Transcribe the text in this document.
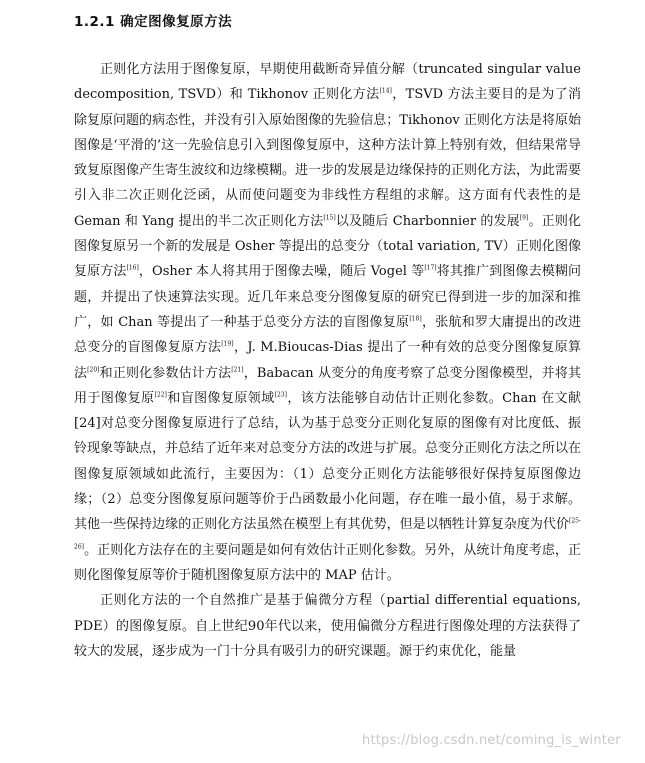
1.2.1 确定图像复原方法

正则化方法用于图像复原，早期使用截断奇异值分解（truncated singular value decomposition, TSVD）和 Tikhonov 正则化方法[14]，TSVD 方法主要目的是为了消除复原问题的病态性，并没有引入原始图像的先验信息；Tikhonov 正则化方法是将原始图像是‘平滑的’这一先验信息引入到图像复原中，这种方法计算上特别有效，但结果常导致复原图像产生寄生波纹和边缘模糊。进一步的发展是边缘保持的正则化方法，为此需要引入非二次正则化泛函，从而使问题变为非线性方程组的求解。这方面有代表性的是 Geman 和 Yang 提出的半二次正则化方法[15]以及随后 Charbonnier 的发展[9]。正则化图像复原另一个新的发展是 Osher 等提出的总变分（total variation, TV）正则化图像复原方法[16]，Osher 本人将其用于图像去噪，随后 Vogel 等[17]将其推广到图像去模糊问题，并提出了快速算法实现。近几年来总变分图像复原的研究已得到进一步的加深和推广，如 Chan 等提出了一种基于总变分方法的盲图像复原[18]，张航和罗大庸提出的改进总变分的盲图像复原方法[19]，J. M.Bioucas-Dias 提出了一种有效的总变分图像复原算法[20]和正则化参数估计方法[21]，Babacan 从变分的角度考察了总变分图像模型，并将其用于图像复原[22]和盲图像复原领域[23]，该方法能够自动估计正则化参数。Chan 在文献[24]对总变分图像复原进行了总结，认为基于总变分正则化复原的图像有对比度低、振铃现象等缺点，并总结了近年来对总变分方法的改进与扩展。总变分正则化方法之所以在图像复原领域如此流行，主要因为：（1）总变分正则化方法能够很好保持复原图像边缘；（2）总变分图像复原问题等价于凸函数最小化问题，存在唯一最小值，易于求解。其他一些保持边缘的正则化方法虽然在模型上有其优势，但是以牺牲计算复杂度为代价[25-26]。正则化方法存在的主要问题是如何有效估计正则化参数。另外，从统计角度考虑，正则化图像复原等价于随机图像复原方法中的 MAP 估计。

正则化方法的一个自然推广是基于偏微分方程（partial differential equations, PDE）的图像复原。自上世纪90年代以来，使用偏微分方程进行图像处理的方法获得了较大的发展，逐步成为一门十分具有吸引力的研究课题。源于约束优化，能量

https://blog.csdn.net/coming_is_winter
